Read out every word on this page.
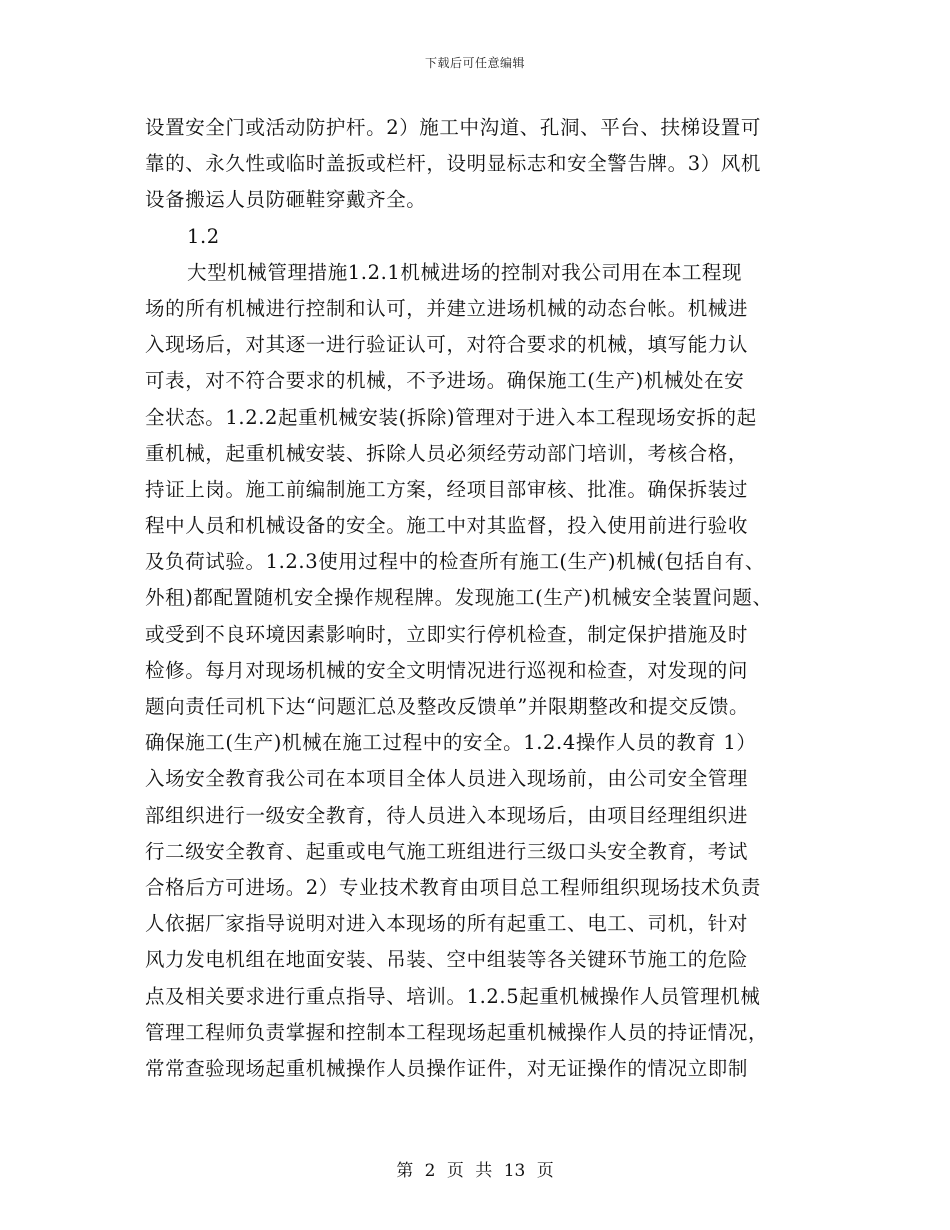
下载后可任意编辑
设置安全门或活动防护杆。2）施工中沟道、孔洞、平台、扶梯设置可
靠的、永久性或临时盖扳或栏杆，设明显标志和安全警告牌。3）风机
设备搬运人员防砸鞋穿戴齐全。
1.2
大型机械管理措施1.2.1机械进场的控制对我公司用在本工程现
场的所有机械进行控制和认可，并建立进场机械的动态台帐。机械进
入现场后，对其逐一进行验证认可，对符合要求的机械，填写能力认
可表，对不符合要求的机械，不予进场。确保施工(生产)机械处在安
全状态。1.2.2起重机械安装(拆除)管理对于进入本工程现场安拆的起
重机械，起重机械安装、拆除人员必须经劳动部门培训，考核合格，
持证上岗。施工前编制施工方案，经项目部审核、批准。确保拆装过
程中人员和机械设备的安全。施工中对其监督，投入使用前进行验收
及负荷试验。1.2.3使用过程中的检查所有施工(生产)机械(包括自有、
外租)都配置随机安全操作规程牌。发现施工(生产)机械安全装置问题、
或受到不良环境因素影响时，立即实行停机检查，制定保护措施及时
检修。每月对现场机械的安全文明情况进行巡视和检查，对发现的问
题向责任司机下达“问题汇总及整改反馈单”并限期整改和提交反馈。
确保施工(生产)机械在施工过程中的安全。1.2.4操作人员的教育 1）
入场安全教育我公司在本项目全体人员进入现场前，由公司安全管理
部组织进行一级安全教育，待人员进入本现场后，由项目经理组织进
行二级安全教育、起重或电气施工班组进行三级口头安全教育，考试
合格后方可进场。2）专业技术教育由项目总工程师组织现场技术负责
人依据厂家指导说明对进入本现场的所有起重工、电工、司机，针对
风力发电机组在地面安装、吊装、空中组装等各关键环节施工的危险
点及相关要求进行重点指导、培训。1.2.5起重机械操作人员管理机械
管理工程师负责掌握和控制本工程现场起重机械操作人员的持证情况，
常常查验现场起重机械操作人员操作证件，对无证操作的情况立即制
第 2 页 共 13 页
